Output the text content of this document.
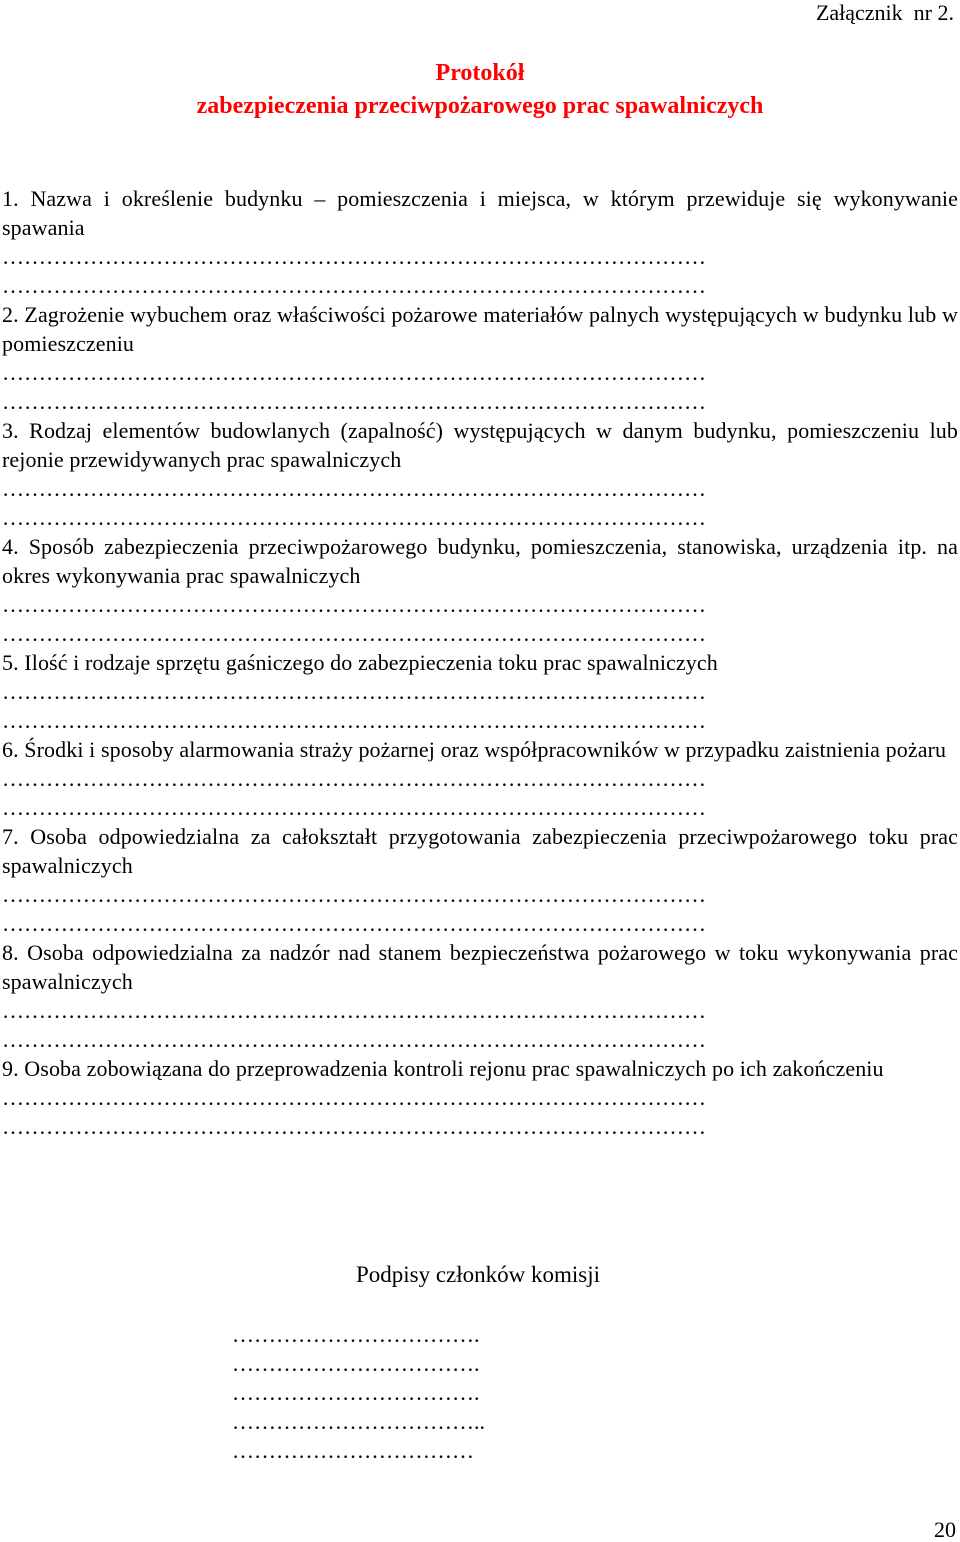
Załącznik  nr 2.
Protokół
zabezpieczenia przeciwpożarowego prac spawalniczych
1. Nazwa i określenie budynku – pomieszczenia i miejsca, w którym przewiduje się wykonywanie spawania
……………………………………………………………………………………
……………………………………………………………………………………
2. Zagrożenie wybuchem oraz właściwości pożarowe materiałów palnych występujących w budynku lub w pomieszczeniu
……………………………………………………………………………………
……………………………………………………………………………………
3. Rodzaj elementów budowlanych (zapalność) występujących w danym budynku, pomieszczeniu lub rejonie przewidywanych prac spawalniczych
……………………………………………………………………………………
……………………………………………………………………………………
4. Sposób zabezpieczenia przeciwpożarowego budynku, pomieszczenia, stanowiska, urządzenia itp. na okres wykonywania prac spawalniczych
……………………………………………………………………………………
……………………………………………………………………………………
5. Ilość i rodzaje sprzętu gaśniczego do zabezpieczenia toku prac spawalniczych
……………………………………………………………………………………
……………………………………………………………………………………
6. Środki i sposoby alarmowania straży pożarnej oraz współpracowników w przypadku zaistnienia pożaru
……………………………………………………………………………………
……………………………………………………………………………………
7. Osoba odpowiedzialna za całokształt przygotowania zabezpieczenia przeciwpożarowego toku prac spawalniczych
……………………………………………………………………………………
……………………………………………………………………………………
8. Osoba odpowiedzialna za nadzór nad stanem bezpieczeństwa pożarowego w toku wykonywania prac spawalniczych
……………………………………………………………………………………
……………………………………………………………………………………
9. Osoba zobowiązana do przeprowadzenia kontroli rejonu prac spawalniczych po ich zakończeniu
……………………………………………………………………………………
……………………………………………………………………………………
Podpisy członków komisji
…………………………….
…………………………….
…………………………….
……………………………..
……………………………
20
